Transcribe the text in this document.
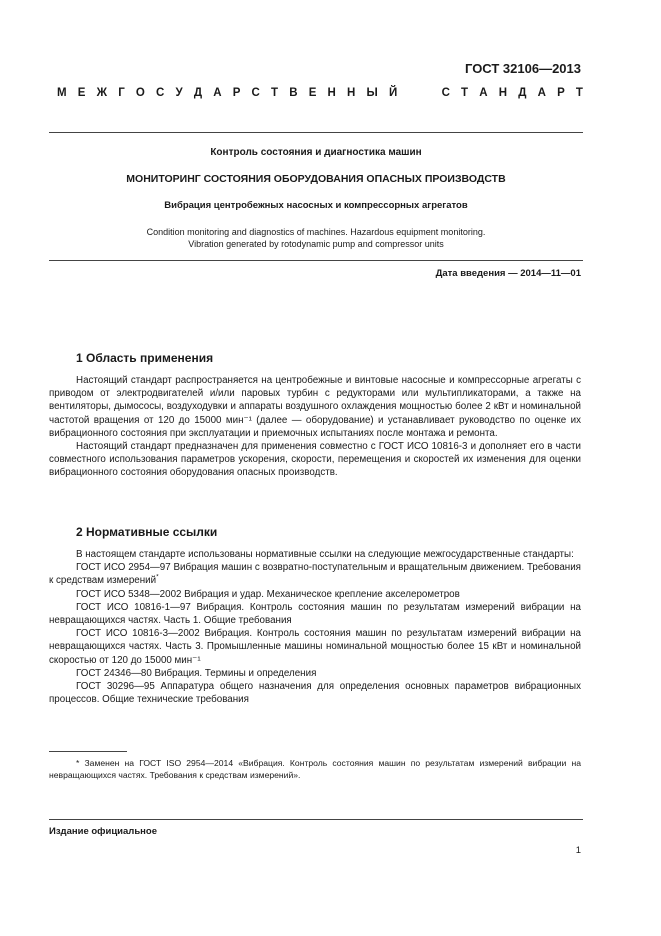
ГОСТ 32106—2013
М Е Ж Г О С У Д А Р С Т В Е Н Н Ы Й	С Т А Н Д А Р Т
Контроль состояния и диагностика машин
МОНИТОРИНГ СОСТОЯНИЯ ОБОРУДОВАНИЯ ОПАСНЫХ ПРОИЗВОДСТВ
Вибрация центробежных насосных и компрессорных агрегатов
Condition monitoring and diagnostics of machines. Hazardous equipment monitoring.
Vibration generated by rotodynamic pump and compressor units
Дата введения — 2014—11—01
1 Область применения

Настоящий стандарт распространяется на центробежные и винтовые насосные и компрессорные агрегаты с приводом от электродвигателей и/или паровых турбин с редукторами или мультипликаторами, а также на вентиляторы, дымососы, воздуходувки и аппараты воздушного охлаждения мощностью более 2 кВт и номинальной частотой вращения от 120 до 15000 мин⁻¹ (далее — оборудование) и устанавливает руководство по оценке их вибрационного состояния при эксплуатации и приемочных испытаниях после монтажа и ремонта.

Настоящий стандарт предназначен для применения совместно с ГОСТ ИСО 10816-3 и дополняет его в части совместного использования параметров ускорения, скорости, перемещения и скоростей их изменения для оценки вибрационного состояния оборудования опасных производств.

2 Нормативные ссылки

В настоящем стандарте использованы нормативные ссылки на следующие межгосударственные стандарты:

ГОСТ ИСО 2954—97 Вибрация машин с возвратно-поступательным и вращательным движением. Требования к средствам измерений*

ГОСТ ИСО 5348—2002 Вибрация и удар. Механическое крепление акселерометров

ГОСТ ИСО 10816-1—97 Вибрация. Контроль состояния машин по результатам измерений вибрации на невращающихся частях. Часть 1. Общие требования

ГОСТ ИСО 10816-3—2002 Вибрация. Контроль состояния машин по результатам измерений вибрации на невращающихся частях. Часть 3. Промышленные машины номинальной мощностью более 15 кВт и номинальной скоростью от 120 до 15000 мин⁻¹

ГОСТ 24346—80 Вибрация. Термины и определения

ГОСТ 30296—95 Аппаратура общего назначения для определения основных параметров вибрационных процессов. Общие технические требования

* Заменен на ГОСТ ISO 2954—2014 «Вибрация. Контроль состояния машин по результатам измерений вибрации на невращающихся частях. Требования к средствам измерений».
Издание официальное
1
